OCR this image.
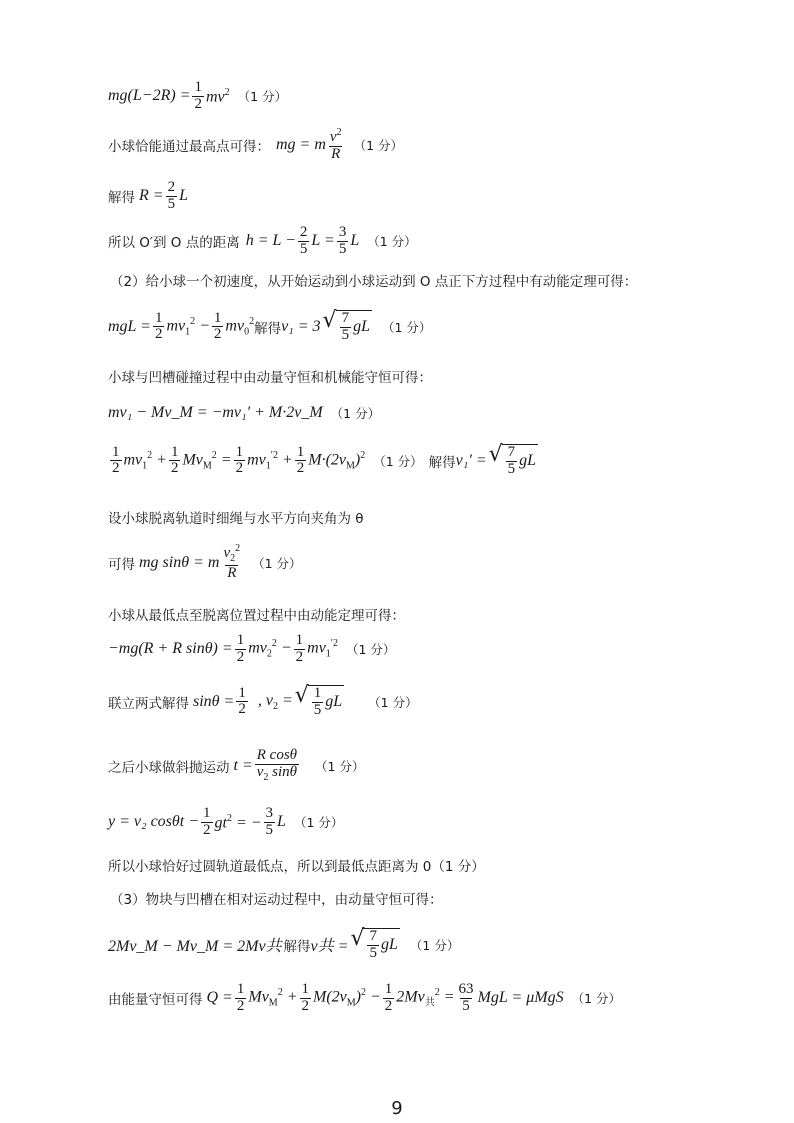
$mg(L-2R) = \frac{1}{2} mv^2$ （1 分）
小球恰能通过最高点可得： mg = m $\frac{v^2}{R} (1$ 分）
解得 $R = \frac{2}{5}$ L
所以 O′到 O 点的距离 $h = L - \frac{2}{5}$ $L = \frac{3}{5}$ L （1 分）
（2）给小球一个初速度，从开始运动到小球运动到 O 点正下方过程中有动能定理可得：
mgL = $\frac{1}{2} mv_1^2 - \frac{1}{2} mv_0^2$ 解得 v₁ = 3 √ $\frac{7}{5}$ gL （1 分）
小球与凹槽碰撞过程中由动量守恒和机械能守恒可得：
mv₁ − Mv_M = −mv₁′ + M·2v_M （1 分）
$\frac{1}{2} mv_1^2 + \frac{1}{2} Mv_M^2 = \frac{1}{2} mv_1^{'2} + \frac{1}{2} M\cdot(2v_M)^2$ （1 分） 解得 v₁′ = √ $\frac{7}{5}$ gL
设小球脱离轨道时细绳与水平方向夹角为 θ
可得 mg sinθ = m $\frac{v_2^2}{R} (1$ 分）
小球从最低点至脱离位置过程中由动能定理可得：
−mg(R + R $\sin\theta) = \frac{1}{2} mv_2^2 - \frac{1}{2} mv_1^{'2}$ （1 分）
联立两式解得 $\sin\theta = \frac{1}{2}$ , $v_2$ = √ $\frac{1}{5}$ gL （1 分）
之后小球做斜抛运动 $t = \frac{\text{R cosθ}}{v_2 \sin\theta} (1$ 分）
y = v₂ $\cos\theta t - \frac{1}{2} gt^2$ = − $\frac{3}{5}$ L （1 分）
所以小球恰好过圆轨道最低点，所以到最低点距离为 0（1 分）
（3）物块与凹槽在相对运动过程中，由动量守恒可得：
2Mv_M − Mv_M = 2Mv共 解得 v共 = √ $\frac{7}{5}$ gL （1 分）
由能量守恒可得 $Q = \frac{1}{2} Mv_M^2 + \frac{1}{2} M(2v_M)^2 - \frac{1}{2} 2Mv_共^2 = \frac{63}{5}$ MgL = μMgS （1 分）
9
